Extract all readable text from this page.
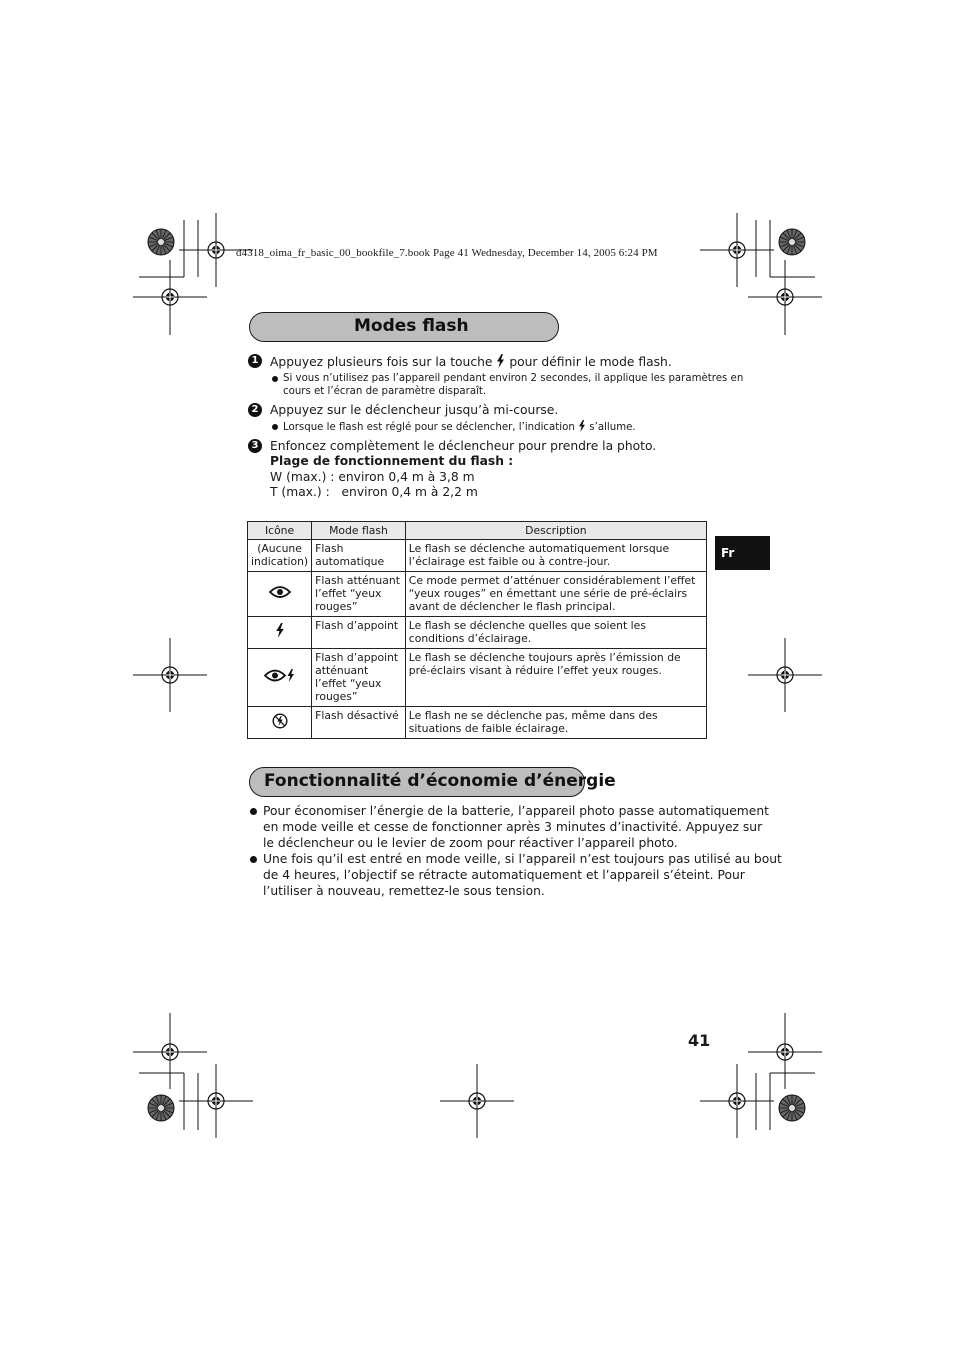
d4318_oima_fr_basic_00_bookfile_7.book Page 41 Wednesday, December 14, 2005 6:24 PM
Modes flash
1 Appuyez plusieurs fois sur la touche pour définir le mode flash.
Si vous n’utilisez pas l’appareil pendant environ 2 secondes, il applique les paramètres en
cours et l’écran de paramètre disparaît.
2 Appuyez sur le déclencheur jusqu’à mi-course.
Lorsque le flash est réglé pour se déclencher, l’indication s’allume.
3 Enfoncez complètement le déclencheur pour prendre la photo.
Plage de fonctionnement du flash :
W (max.) : environ 0,4 m à 3,8 m
T (max.) :   environ 0,4 m à 2,2 m
Icône	Mode flash	Description
(Aucune indication)	Flash automatique	Le flash se déclenche automatiquement lorsque l’éclairage est faible ou à contre-jour.
	Flash atténuant l’effet “yeux rouges”	Ce mode permet d’atténuer considérablement l’effet “yeux rouges” en émettant une série de pré-éclairs avant de déclencher le flash principal.
	Flash d’appoint	Le flash se déclenche quelles que soient les conditions d’éclairage.
	Flash d’appoint atténuant l’effet “yeux rouges”	Le flash se déclenche toujours après l’émission de pré-éclairs visant à réduire l’effet yeux rouges.
	Flash désactivé	Le flash ne se déclenche pas, même dans des situations de faible éclairage.
Fr
Fonctionnalité d’économie d’énergie
Pour économiser l’énergie de la batterie, l’appareil photo passe automatiquement
en mode veille et cesse de fonctionner après 3 minutes d’inactivité. Appuyez sur
le déclencheur ou le levier de zoom pour réactiver l’appareil photo.
Une fois qu’il est entré en mode veille, si l’appareil n’est toujours pas utilisé au bout
de 4 heures, l’objectif se rétracte automatiquement et l’appareil s’éteint. Pour
l’utiliser à nouveau, remettez-le sous tension.
41
